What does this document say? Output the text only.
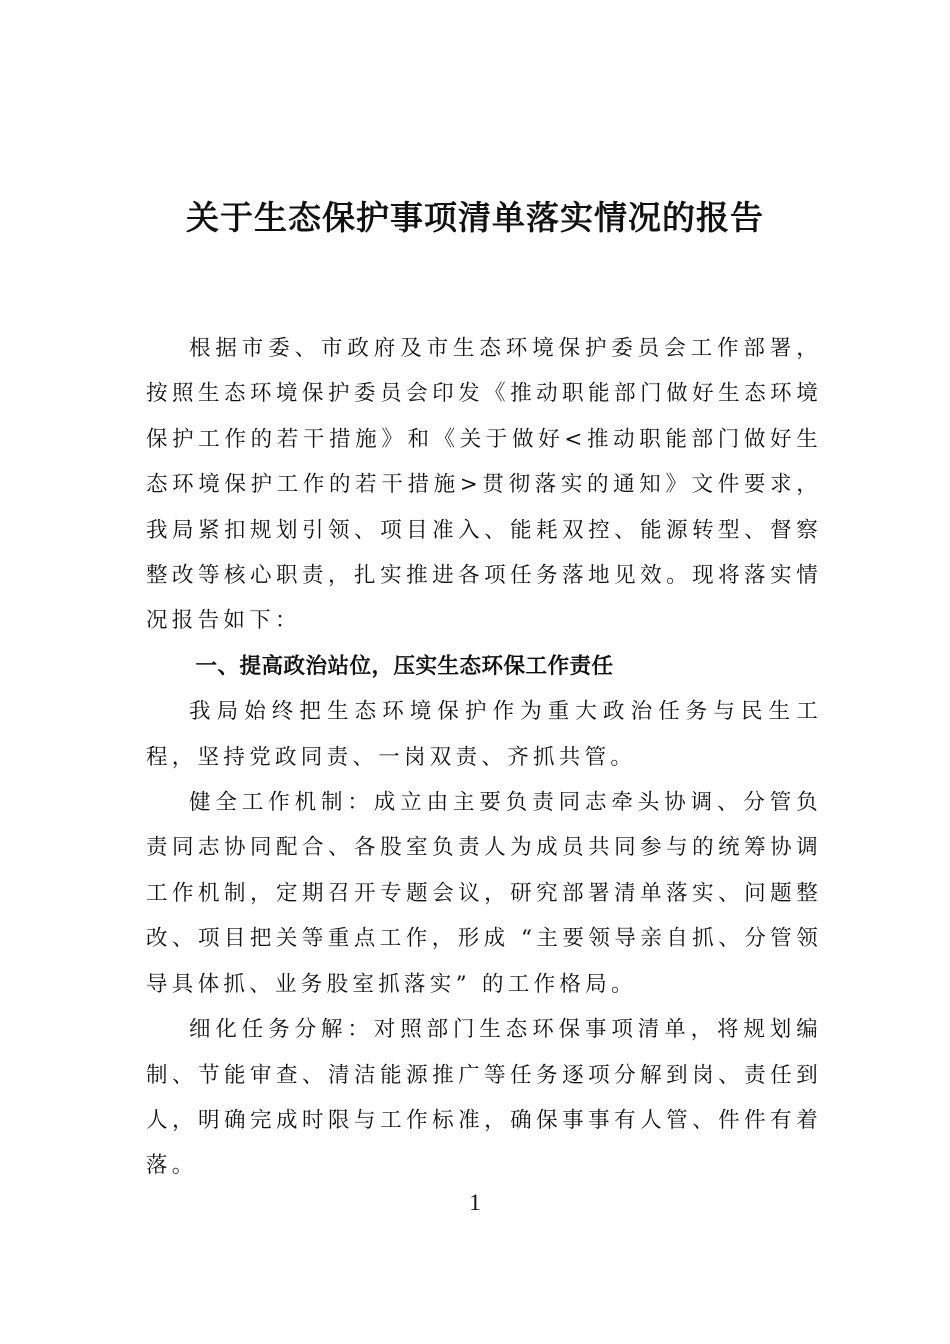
关于生态保护事项清单落实情况的报告

根据市委、市政府及市生态环境保护委员会工作部署，按照生态环境保护委员会印发《推动职能部门做好生态环境保护工作的若干措施》和《关于做好<推动职能部门做好生态环境保护工作的若干措施>贯彻落实的通知》文件要求，我局紧扣规划引领、项目准入、能耗双控、能源转型、督察整改等核心职责，扎实推进各项任务落地见效。现将落实情况报告如下：

一、提高政治站位，压实生态环保工作责任

我局始终把生态环境保护作为重大政治任务与民生工程，坚持党政同责、一岗双责、齐抓共管。

健全工作机制：成立由主要负责同志牵头协调、分管负责同志协同配合、各股室负责人为成员共同参与的统筹协调工作机制，定期召开专题会议，研究部署清单落实、问题整改、项目把关等重点工作，形成 “主要领导亲自抓、分管领导具体抓、业务股室抓落实” 的工作格局。

细化任务分解：对照部门生态环保事项清单，将规划编制、节能审查、清洁能源推广等任务逐项分解到岗、责任到人，明确完成时限与工作标准，确保事事有人管、件件有着落。

1
